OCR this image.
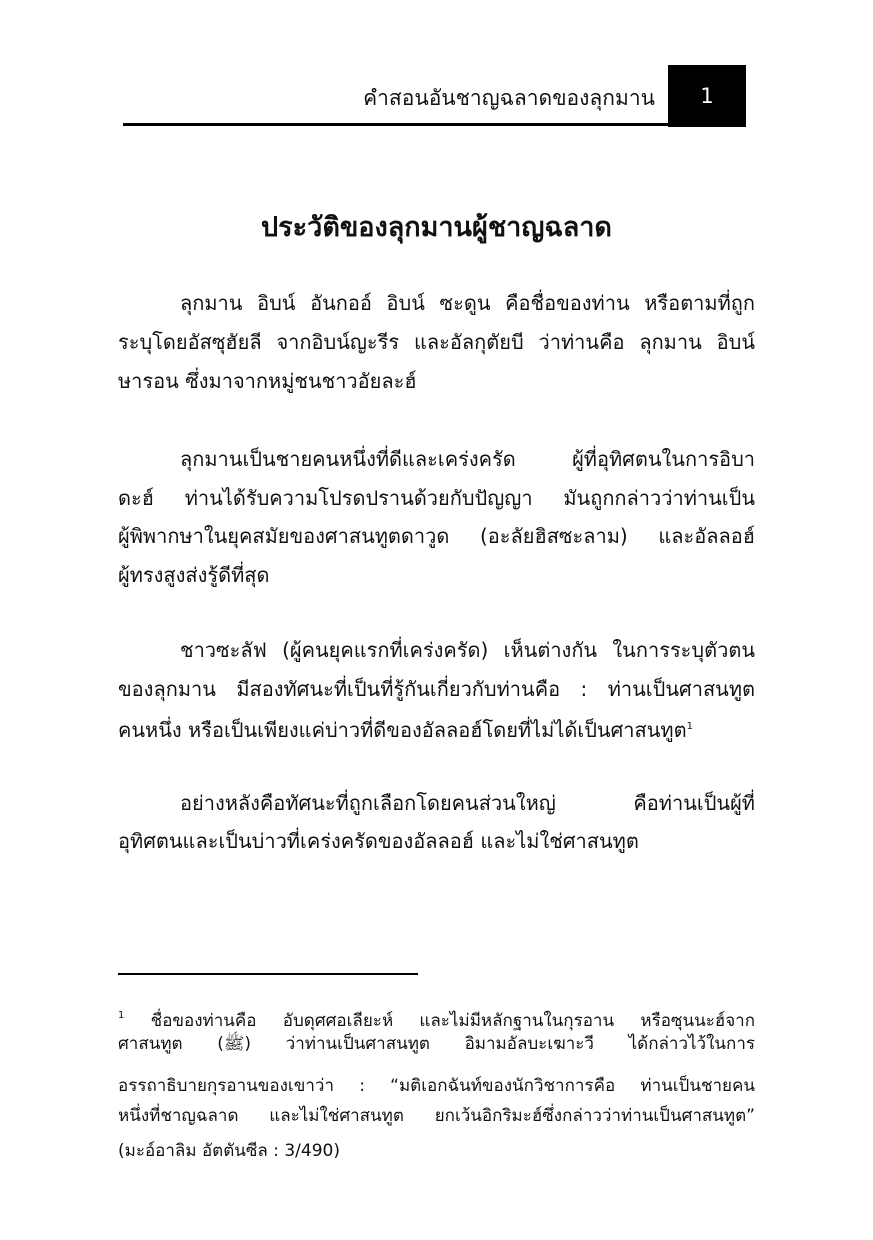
คำสอนอันชาญฉลาดของลุกมาน	1
ประวัติของลุกมานผู้ชาญฉลาด
ลุกมาน อิบน์ อันกออ์ อิบน์ ซะดูน คือชื่อของท่าน หรือตามที่ถูก
ระบุโดยอัสซุฮัยลี จากอิบน์ญะรีร และอัลกุตัยบี ว่าท่านคือ ลุกมาน อิบน์
ษารอน ซึ่งมาจากหมู่ชนชาวอัยละฮ์
ลุกมานเป็นชายคนหนึ่งที่ดีและเคร่งครัด ผู้ที่อุทิศตนในการอิบา
ดะฮ์ ท่านได้รับความโปรดปรานด้วยกับปัญญา มันถูกกล่าวว่าท่านเป็น
ผู้พิพากษาในยุคสมัยของศาสนทูตดาวูด (อะลัยฮิสซะลาม) และอัลลอฮ์
ผู้ทรงสูงส่งรู้ดีที่สุด
ชาวซะลัฟ (ผู้คนยุคแรกที่เคร่งครัด) เห็นต่างกัน ในการระบุตัวตน
ของลุกมาน มีสองทัศนะที่เป็นที่รู้กันเกี่ยวกับท่านคือ : ท่านเป็นศาสนทูต
คนหนึ่ง หรือเป็นเพียงแค่บ่าวที่ดีของอัลลอฮ์โดยที่ไม่ได้เป็นศาสนทูต$^1$
อย่างหลังคือทัศนะที่ถูกเลือกโดยคนส่วนใหญ่ คือท่านเป็นผู้ที่
อุทิศตนและเป็นบ่าวที่เคร่งครัดของอัลลอฮ์ และไม่ใช่ศาสนทูต
$^1$ ชื่อของท่านคือ อับดุศศอเลียะห์ และไม่มีหลักฐานในกุรอาน หรือซุนนะฮ์จาก
ศาสนทูต (ﷺ) ว่าท่านเป็นศาสนทูต อิมามอัลบะเฆาะวี ได้กล่าวไว้ในการ
อรรถาธิบายกุรอานของเขาว่า : “มติเอกฉันท์ของนักวิชาการคือ ท่านเป็นชายคน
หนึ่งที่ชาญฉลาด และไม่ใช่ศาสนทูต ยกเว้นอิกริมะฮ์ซึ่งกล่าวว่าท่านเป็นศาสนทูต”
(มะอ์อาลิม อัตตันซีล : 3/490)
